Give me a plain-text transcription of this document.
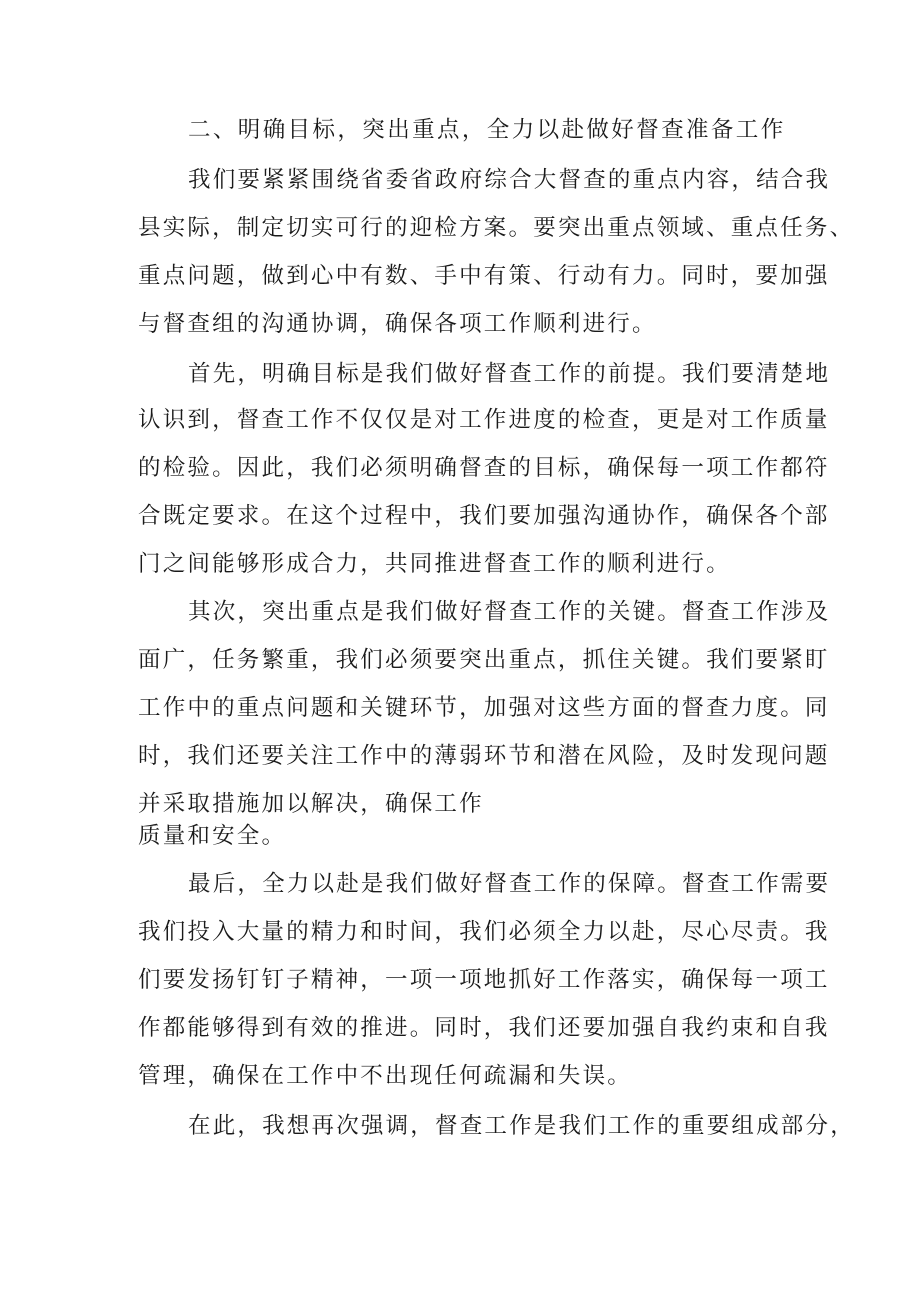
二、明确目标，突出重点，全力以赴做好督查准备工作
我们要紧紧围绕省委省政府综合大督查的重点内容，结合我
县实际，制定切实可行的迎检方案。要突出重点领域、重点任务、
重点问题，做到心中有数、手中有策、行动有力。同时，要加强
与督查组的沟通协调，确保各项工作顺利进行。
首先，明确目标是我们做好督查工作的前提。我们要清楚地
认识到，督查工作不仅仅是对工作进度的检查，更是对工作质量
的检验。因此，我们必须明确督查的目标，确保每一项工作都符
合既定要求。在这个过程中，我们要加强沟通协作，确保各个部
门之间能够形成合力，共同推进督查工作的顺利进行。
其次，突出重点是我们做好督查工作的关键。督查工作涉及
面广，任务繁重，我们必须要突出重点，抓住关键。我们要紧盯
工作中的重点问题和关键环节，加强对这些方面的督查力度。同
时，我们还要关注工作中的薄弱环节和潜在风险，及时发现问题
并采取措施加以解决，确保工作
质量和安全。
最后，全力以赴是我们做好督查工作的保障。督查工作需要
我们投入大量的精力和时间，我们必须全力以赴，尽心尽责。我
们要发扬钉钉子精神，一项一项地抓好工作落实，确保每一项工
作都能够得到有效的推进。同时，我们还要加强自我约束和自我
管理，确保在工作中不出现任何疏漏和失误。
在此，我想再次强调，督查工作是我们工作的重要组成部分，
